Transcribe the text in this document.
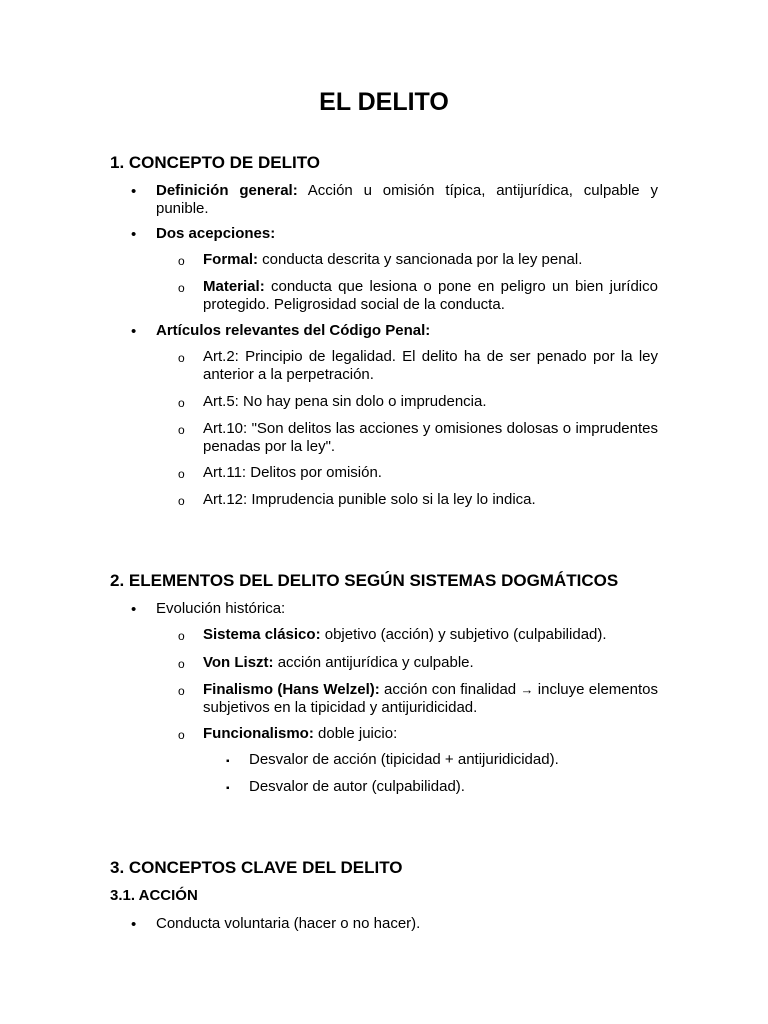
EL DELITO
1. CONCEPTO DE DELITO
• Definición general: Acción u omisión típica, antijurídica, culpable y punible.
• Dos acepciones:
o Formal: conducta descrita y sancionada por la ley penal.
o Material: conducta que lesiona o pone en peligro un bien jurídico protegido. Peligrosidad social de la conducta.
• Artículos relevantes del Código Penal:
o Art.2: Principio de legalidad. El delito ha de ser penado por la ley anterior a la perpetración.
o Art.5: No hay pena sin dolo o imprudencia.
o Art.10: "Son delitos las acciones y omisiones dolosas o imprudentes penadas por la ley".
o Art.11: Delitos por omisión.
o Art.12: Imprudencia punible solo si la ley lo indica.
2. ELEMENTOS DEL DELITO SEGÚN SISTEMAS DOGMÁTICOS
• Evolución histórica:
o Sistema clásico: objetivo (acción) y subjetivo (culpabilidad).
o Von Liszt: acción antijurídica y culpable.
o Finalismo (Hans Welzel): acción con finalidad → incluye elementos subjetivos en la tipicidad y antijuridicidad.
o Funcionalismo: doble juicio:
▪ Desvalor de acción (tipicidad + antijuridicidad).
▪ Desvalor de autor (culpabilidad).
3. CONCEPTOS CLAVE DEL DELITO
3.1. ACCIÓN
• Conducta voluntaria (hacer o no hacer).
